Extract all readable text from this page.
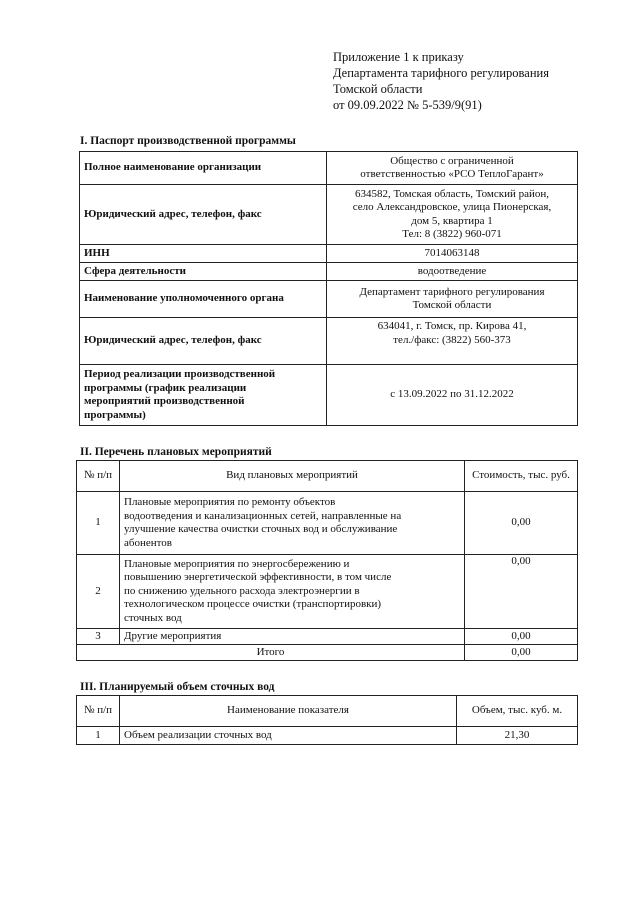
Приложение 1 к приказу
Департамента тарифного регулирования
Томской области
от 09.09.2022 № 5-539/9(91)
I. Паспорт производственной программы
Полное наименование организации	Общество с ограниченной
ответственностью «РСО ТеплоГарант»

Юридический адрес, телефон, факс	634582, Томская область, Томский район,
село Александровское, улица Пионерская,
дом 5, квартира 1
Тел: 8 (3822) 960-071

ИНН	7014063148

Сфера деятельности	водоотведение

Наименование уполномоченного органа	Департамент тарифного регулирования
Томской области

Юридический адрес, телефон, факс	634041, г. Томск, пр. Кирова 41,
тел./факс: (3822) 560-373

Период реализации производственной
программы (график реализации
мероприятий производственной
программы)	с 13.09.2022 по 31.12.2022
II. Перечень плановых мероприятий
№ п/п	Вид плановых мероприятий	Стоимость, тыс. руб.
1	Плановые мероприятия по ремонту объектов
водоотведения и канализационных сетей, направленные на
улучшение качества очистки сточных вод и обслуживание
абонентов	0,00
2	Плановые мероприятия по энергосбережению и
повышению энергетической эффективности, в том числе
по снижению удельного расхода электроэнергии в
технологическом процессе очистки (транспортировки)
сточных вод	0,00
3	Другие мероприятия	0,00
Итого		0,00
III. Планируемый объем сточных вод
№ п/п	Наименование показателя	Объем, тыс. куб. м.
1	Объем реализации сточных вод	21,30
